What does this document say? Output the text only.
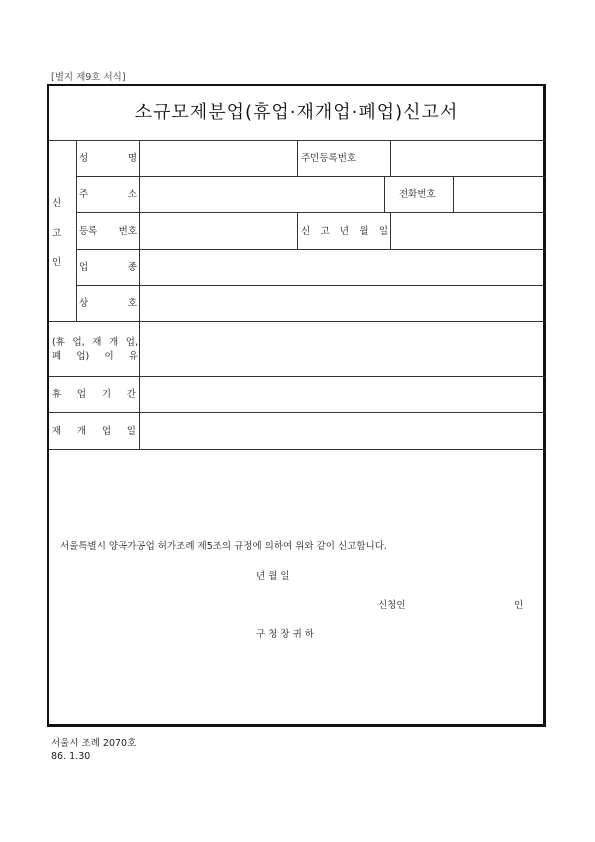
[별지 제9호 서식]
소규모제분업(휴업·재개업·폐업)신고서
신
고
인
성 명	주민등록번호
주 소	전화번호
등록 번호	신 고 년 월 일
업 종
상 호
(휴 업, 재 개 업,
폐 업) 이 유
휴 업 기 간
재 개 업 일
서울특별시 양곡가공업 허가조례 제5조의 규정에 의하여 위와 같이 신고합니다.
년 월 일
신청인	인
구 청 장 귀 하
서울시 조례 2070호
86. 1.30
